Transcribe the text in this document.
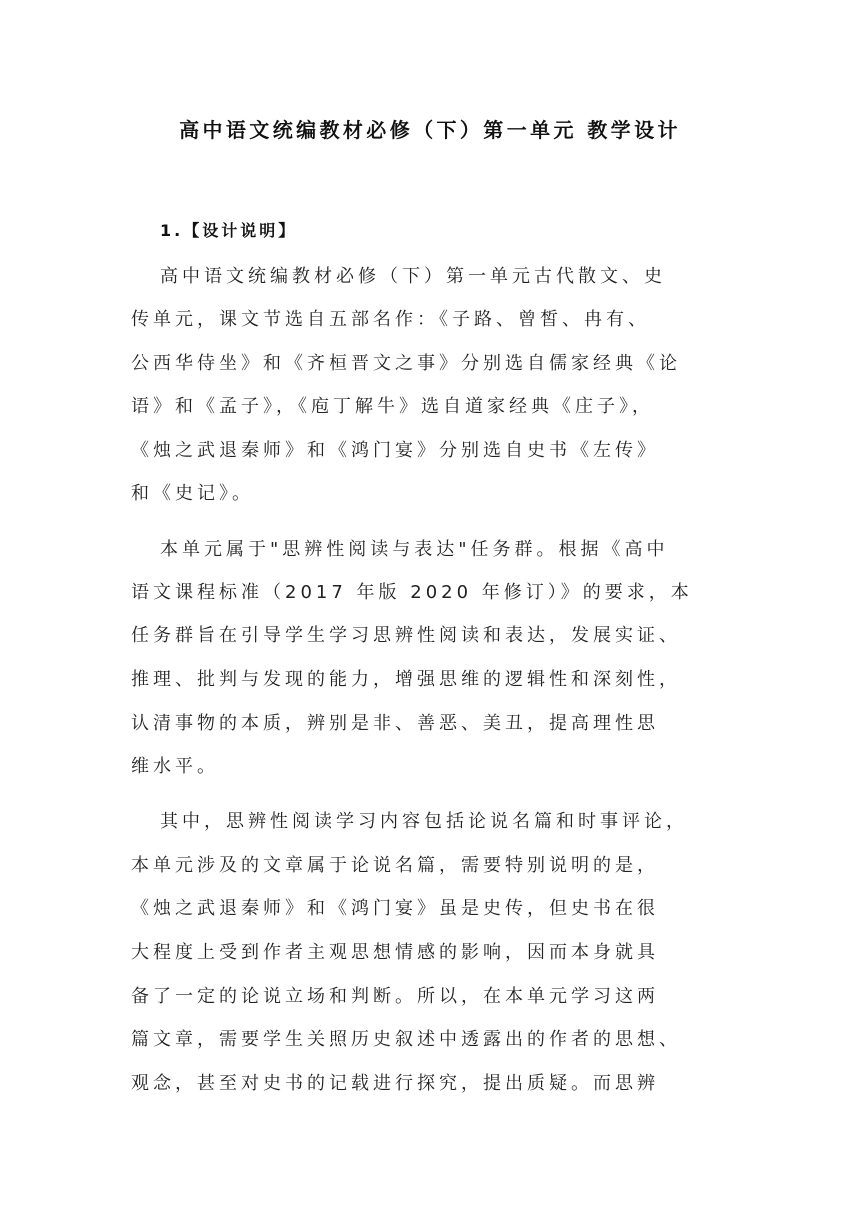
高中语文统编教材必修（下）第一单元 教学设计
1.【设计说明】
高中语文统编教材必修（下）第一单元古代散文、史
传单元，课文节选自五部名作：《子路、曾皙、冉有、
公西华侍坐》和《齐桓晋文之事》分别选自儒家经典《论
语》和《孟子》，《庖丁解牛》选自道家经典《庄子》，
《烛之武退秦师》和《鸿门宴》分别选自史书《左传》
和《史记》。
本单元属于"思辨性阅读与表达"任务群。根据《高中
语文课程标准（2017 年版 2020 年修订）》的要求，本
任务群旨在引导学生学习思辨性阅读和表达，发展实证、
推理、批判与发现的能力，增强思维的逻辑性和深刻性，
认清事物的本质，辨别是非、善恶、美丑，提高理性思
维水平。
其中，思辨性阅读学习内容包括论说名篇和时事评论，
本单元涉及的文章属于论说名篇，需要特别说明的是，
《烛之武退秦师》和《鸿门宴》虽是史传，但史书在很
大程度上受到作者主观思想情感的影响，因而本身就具
备了一定的论说立场和判断。所以，在本单元学习这两
篇文章，需要学生关照历史叙述中透露出的作者的思想、
观念，甚至对史书的记载进行探究，提出质疑。而思辨
